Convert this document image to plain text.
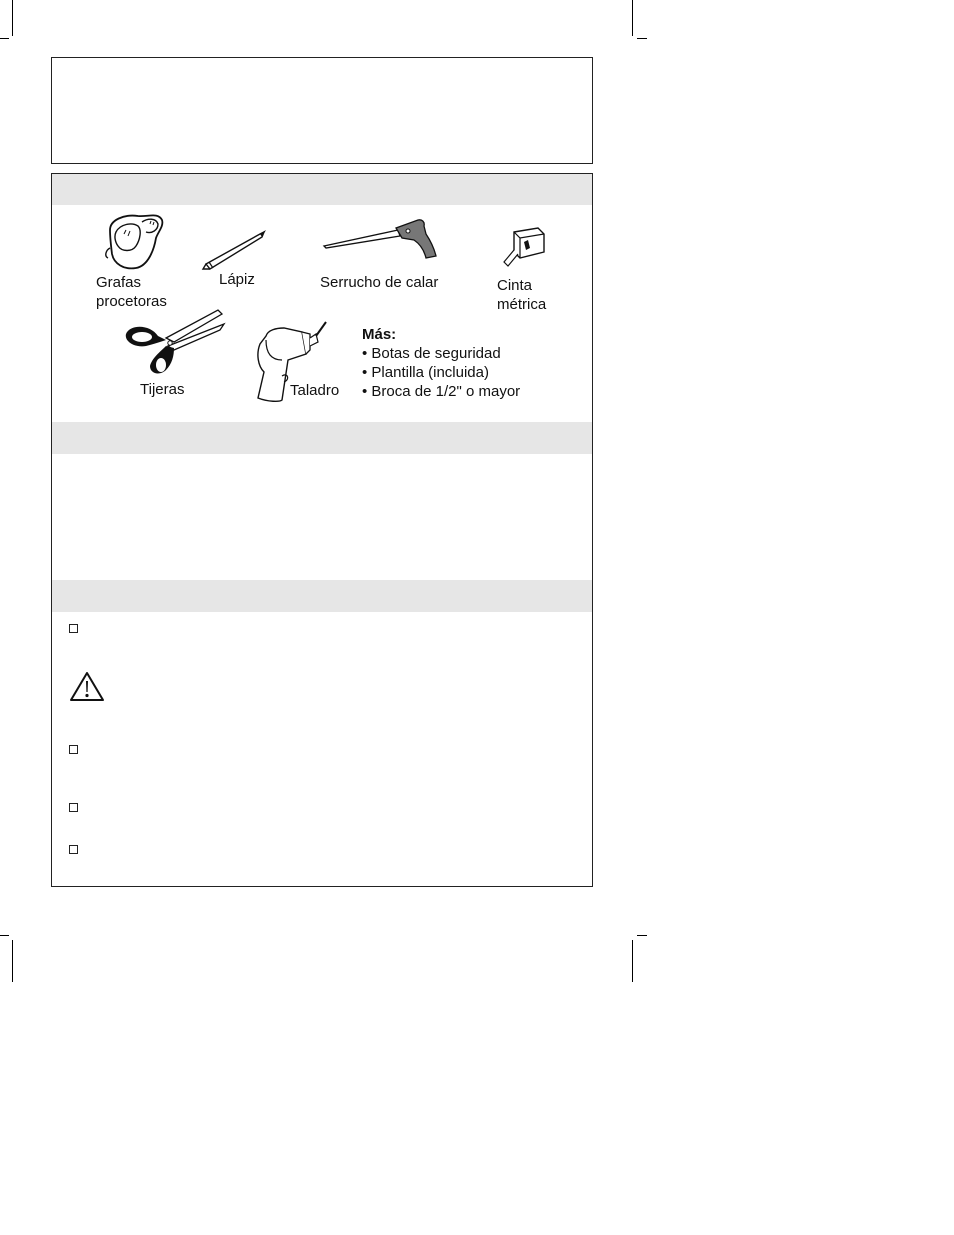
Grafas
procetoras
Lápiz	Serrucho de calar	Cinta
métrica
Tijeras	Taladro
Más:
• Botas de seguridad
• Plantilla (incluida)
• Broca de 1/2" o mayor
